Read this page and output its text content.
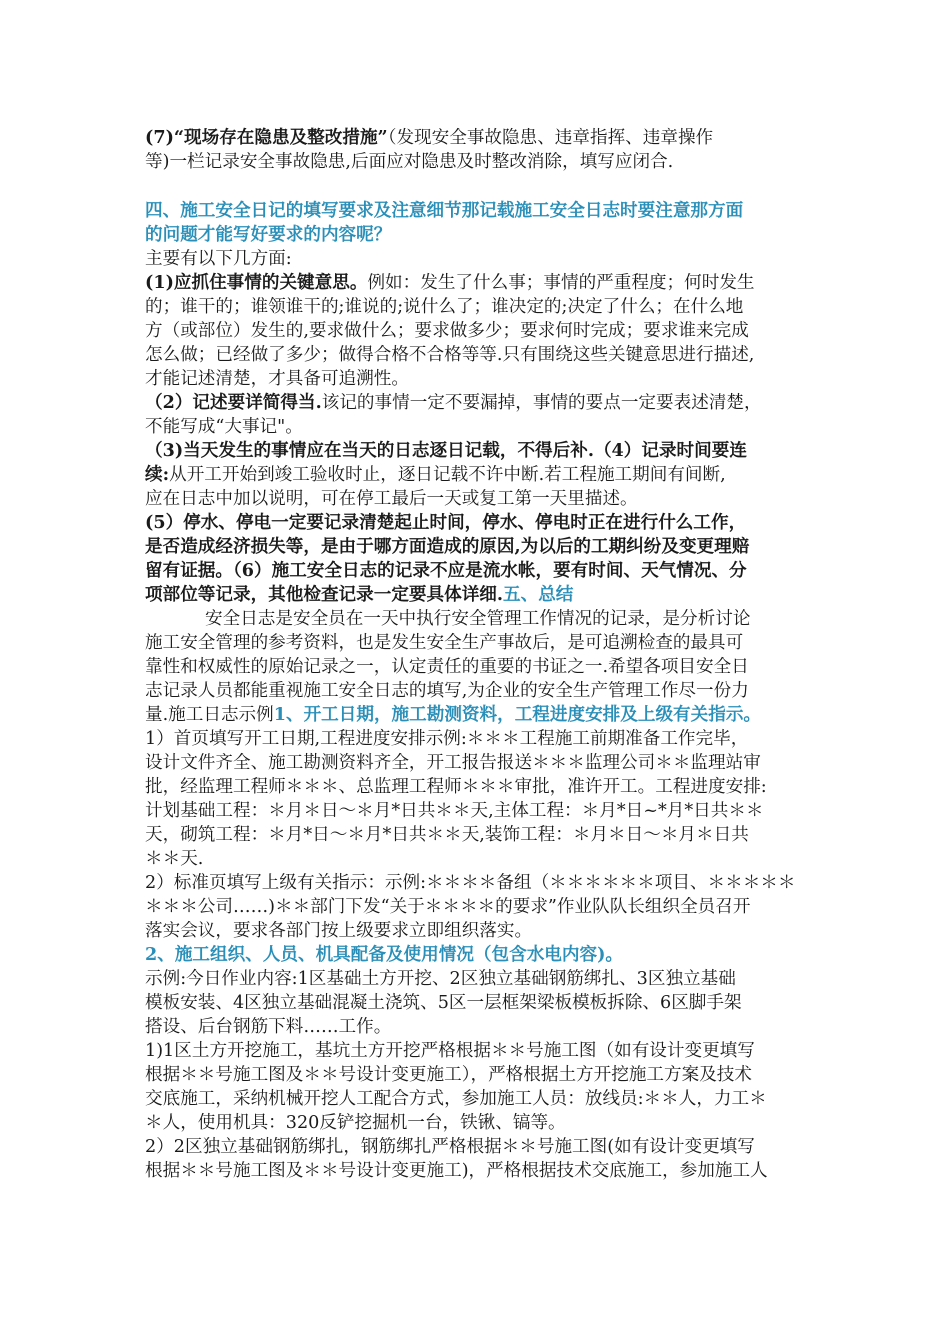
(7)“现场存在隐患及整改措施”（发现安全事故隐患、违章指挥、违章操作
等)一栏记录安全事故隐患,后面应对隐患及时整改消除，填写应闭合.
四、施工安全日记的填写要求及注意细节那记载施工安全日志时要注意那方面
的问题才能写好要求的内容呢？
主要有以下几方面:
(1)应抓住事情的关键意思。例如：发生了什么事；事情的严重程度；何时发生
的；谁干的；谁领谁干的;谁说的;说什么了；谁决定的;决定了什么；在什么地
方（或部位）发生的,要求做什么；要求做多少；要求何时完成；要求谁来完成
怎么做；已经做了多少；做得合格不合格等等.只有围绕这些关键意思进行描述,
才能记述清楚，才具备可追溯性。
（2）记述要详简得当.该记的事情一定不要漏掉，事情的要点一定要表述清楚，
不能写成“大事记"。
（3)当天发生的事情应在当天的日志逐日记载，不得后补.（4）记录时间要连
续:从开工开始到竣工验收时止，逐日记载不许中断.若工程施工期间有间断,
应在日志中加以说明，可在停工最后一天或复工第一天里描述。
(5）停水、停电一定要记录清楚起止时间，停水、停电时正在进行什么工作，
是否造成经济损失等，是由于哪方面造成的原因,为以后的工期纠纷及变更理赔
留有证据。（6）施工安全日志的记录不应是流水帐，要有时间、天气情况、分
项部位等记录，其他检查记录一定要具体详细.五、总结
安全日志是安全员在一天中执行安全管理工作情况的记录，是分析讨论
施工安全管理的参考资料，也是发生安全生产事故后，是可追溯检查的最具可
靠性和权威性的原始记录之一，认定责任的重要的书证之一.希望各项目安全日
志记录人员都能重视施工安全日志的填写,为企业的安全生产管理工作尽一份力
量.施工日志示例1、开工日期，施工勘测资料，工程进度安排及上级有关指示。
1）首页填写开工日期,工程进度安排示例:＊＊＊工程施工前期准备工作完毕，
设计文件齐全、施工勘测资料齐全，开工报告报送＊＊＊监理公司＊＊监理站审
批，经监理工程师＊＊＊、总监理工程师＊＊＊审批，准许开工。工程进度安排:
计划基础工程：＊月＊日～＊月*日共＊＊天,主体工程：＊月*日~*月*日共＊＊
天，砌筑工程：＊月*日～＊月*日共＊＊天,装饰工程：＊月＊日～＊月＊日共
＊＊天.
2）标准页填写上级有关指示：示例:＊＊＊＊备组（＊＊＊＊＊＊项目、＊＊＊＊＊
＊＊＊公司……)＊＊部门下发“关于＊＊＊＊的要求”作业队队长组织全员召开
落实会议，要求各部门按上级要求立即组织落实。
2、施工组织、人员、机具配备及使用情况（包含水电内容)。
示例:今日作业内容:1区基础土方开挖、2区独立基础钢筋绑扎、3区独立基础
模板安装、4区独立基础混凝土浇筑、5区一层框架梁板模板拆除、6区脚手架
搭设、后台钢筋下料……工作。
1)1区土方开挖施工，基坑土方开挖严格根据＊＊号施工图（如有设计变更填写
根据＊＊号施工图及＊＊号设计变更施工），严格根据土方开挖施工方案及技术
交底施工，采纳机械开挖人工配合方式，参加施工人员：放线员:＊＊人，力工＊
＊人，使用机具：320反铲挖掘机一台，铁锹、镐等。
2）2区独立基础钢筋绑扎，钢筋绑扎严格根据＊＊号施工图(如有设计变更填写
根据＊＊号施工图及＊＊号设计变更施工)，严格根据技术交底施工，参加施工人
